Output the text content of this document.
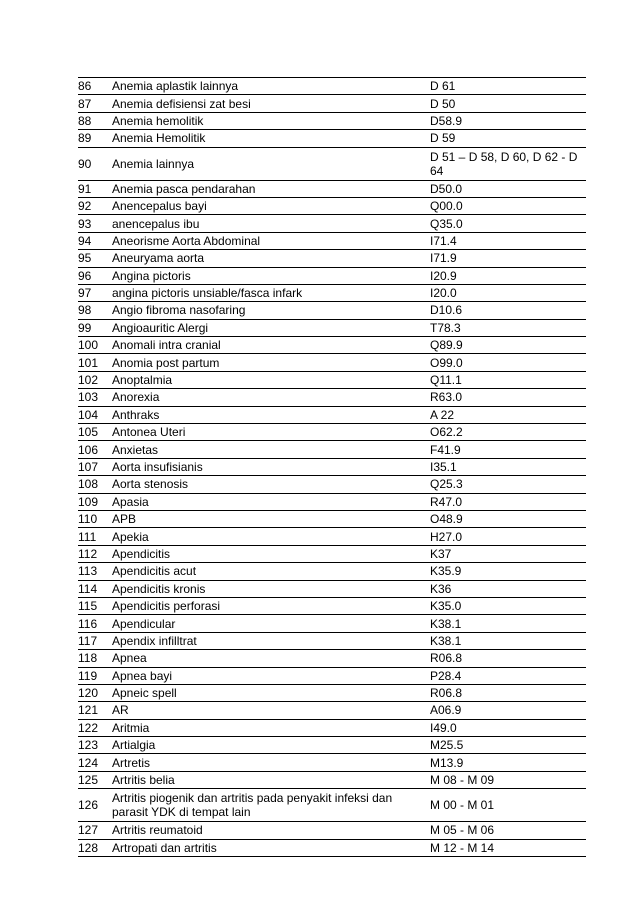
86	Anemia aplastik lainnya	D 61
87	Anemia defisiensi zat besi	D 50
88	Anemia hemolitik	D58.9
89	Anemia Hemolitik	D 59
90	Anemia lainnya	D 51 – D 58, D 60, D 62 - D 64
91	Anemia pasca pendarahan	D50.0
92	Anencepalus bayi	Q00.0
93	anencepalus ibu	Q35.0
94	Aneorisme Aorta Abdominal	I71.4
95	Aneuryama aorta	I71.9
96	Angina pictoris	I20.9
97	angina pictoris unsiable/fasca infark	I20.0
98	Angio fibroma nasofaring	D10.6
99	Angioauritic Alergi	T78.3
100	Anomali intra cranial	Q89.9
101	Anomia post partum	O99.0
102	Anoptalmia	Q11.1
103	Anorexia	R63.0
104	Anthraks	A 22
105	Antonea Uteri	O62.2
106	Anxietas	F41.9
107	Aorta insufisianis	I35.1
108	Aorta stenosis	Q25.3
109	Apasia	R47.0
110	APB	O48.9
111	Apekia	H27.0
112	Apendicitis	K37
113	Apendicitis acut	K35.9
114	Apendicitis kronis	K36
115	Apendicitis perforasi	K35.0
116	Apendicular	K38.1
117	Apendix infilltrat	K38.1
118	Apnea	R06.8
119	Apnea bayi	P28.4
120	Apneic spell	R06.8
121	AR	A06.9
122	Aritmia	I49.0
123	Artialgia	M25.5
124	Artretis	M13.9
125	Artritis belia	M 08 - M 09
126	Artritis piogenik dan artritis pada penyakit infeksi dan parasit YDK di tempat lain	M 00 - M 01
127	Artritis reumatoid	M 05 - M 06
128	Artropati dan artritis	M 12 - M 14
